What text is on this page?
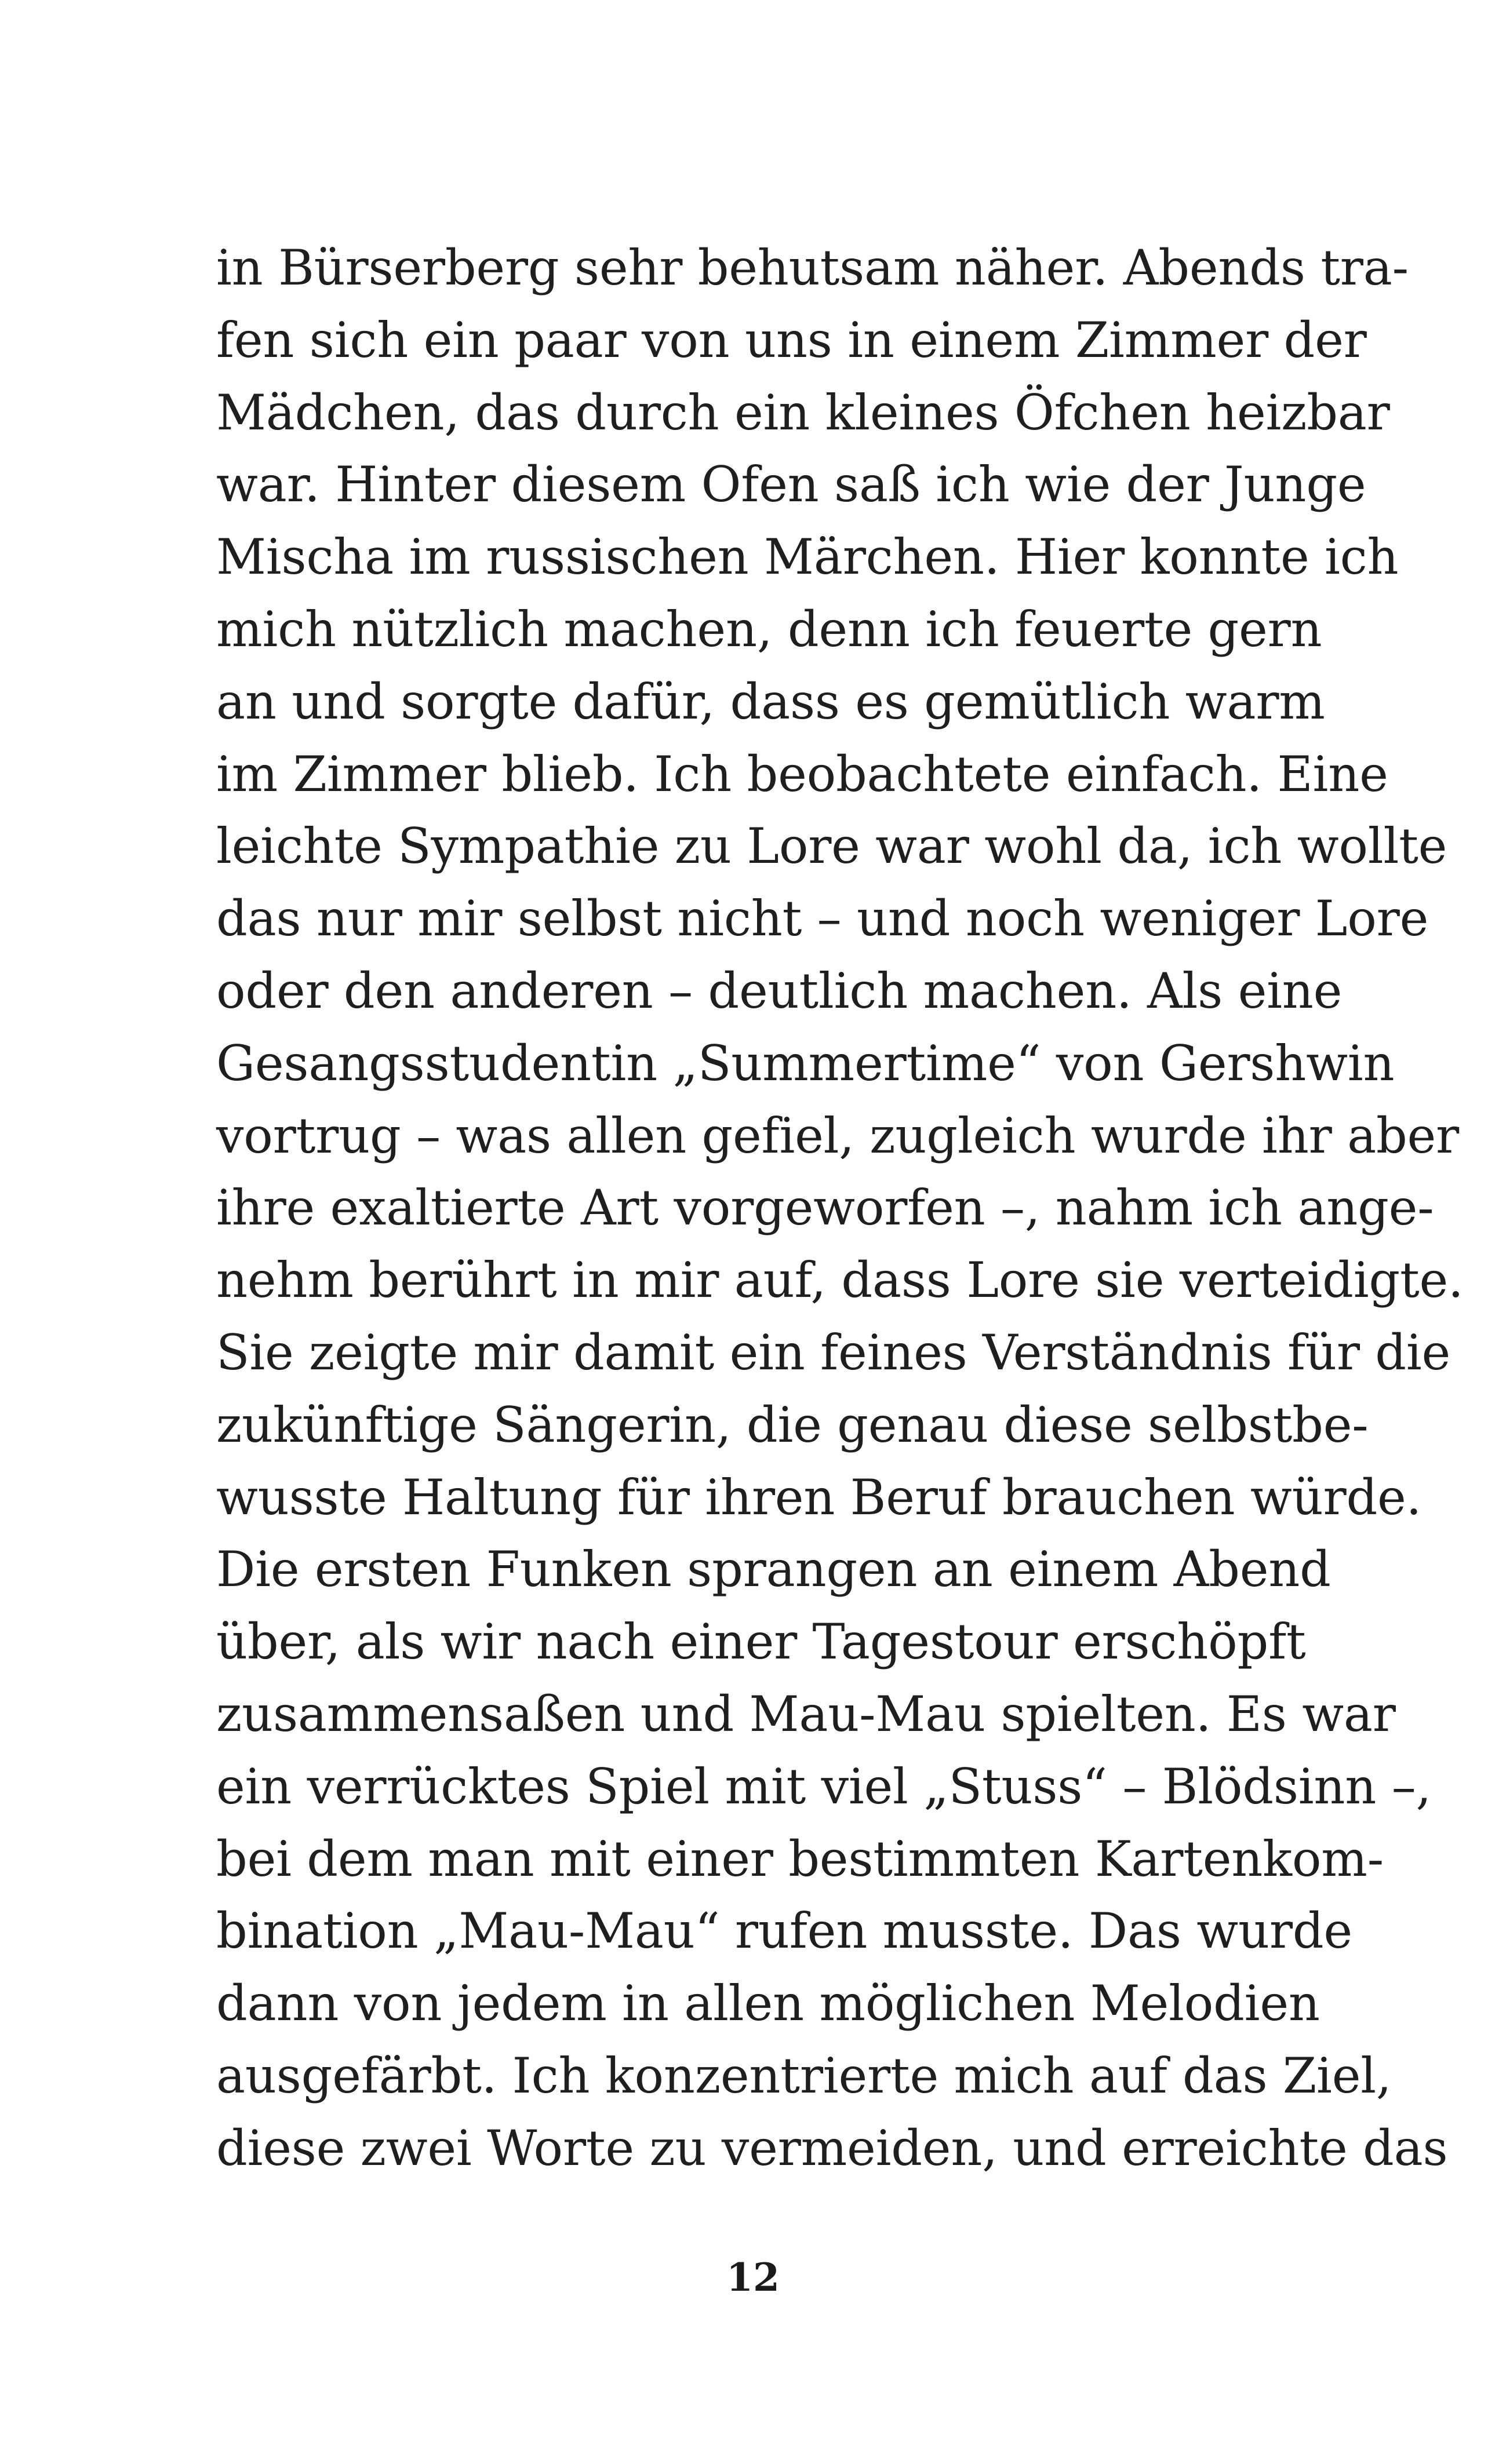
in Bürserberg sehr behutsam näher. Abends tra-
fen sich ein paar von uns in einem Zimmer der
Mädchen, das durch ein kleines Öfchen heizbar
war. Hinter diesem Ofen saß ich wie der Junge
Mischa im russischen Märchen. Hier konnte ich
mich nützlich machen, denn ich feuerte gern
an und sorgte dafür, dass es gemütlich warm
im Zimmer blieb. Ich beobachtete einfach. Eine
leichte Sympathie zu Lore war wohl da, ich wollte
das nur mir selbst nicht – und noch weniger Lore
oder den anderen – deutlich machen. Als eine
Gesangsstudentin „Summertime“ von Gershwin
vortrug – was allen gefiel, zugleich wurde ihr aber
ihre exaltierte Art vorgeworfen –, nahm ich ange-
nehm berührt in mir auf, dass Lore sie verteidigte.
Sie zeigte mir damit ein feines Verständnis für die
zukünftige Sängerin, die genau diese selbstbe-
wusste Haltung für ihren Beruf brauchen würde.
Die ersten Funken sprangen an einem Abend
über, als wir nach einer Tagestour erschöpft
zusammensaßen und Mau-Mau spielten. Es war
ein verrücktes Spiel mit viel „Stuss“ – Blödsinn –,
bei dem man mit einer bestimmten Kartenkom-
bination „Mau-Mau“ rufen musste. Das wurde
dann von jedem in allen möglichen Melodien
ausgefärbt. Ich konzentrierte mich auf das Ziel,
diese zwei Worte zu vermeiden, und erreichte das
12
